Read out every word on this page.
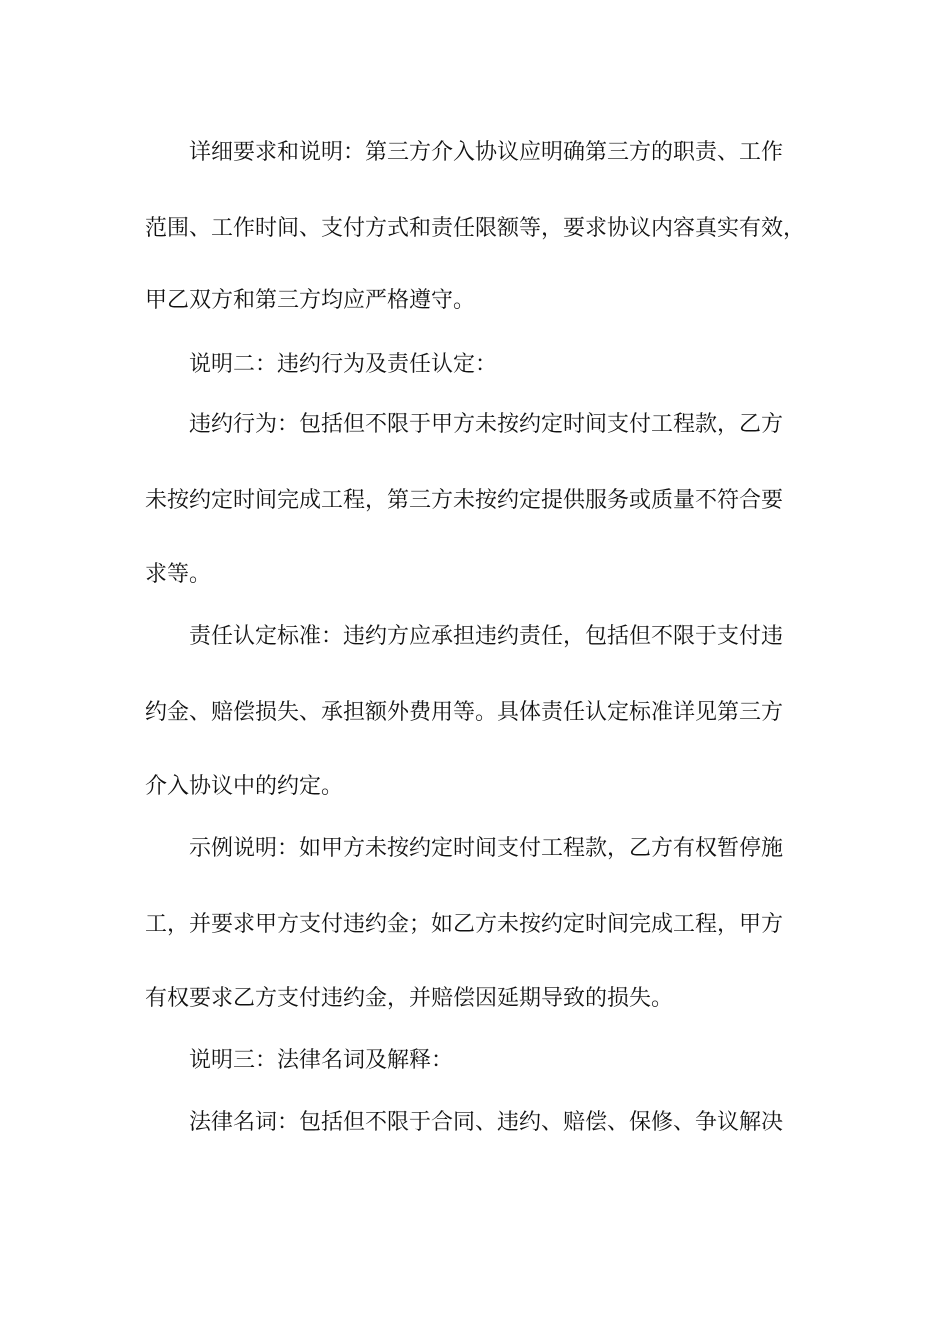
详细要求和说明：第三方介入协议应明确第三方的职责、工作
范围、工作时间、支付方式和责任限额等，要求协议内容真实有效，
甲乙双方和第三方均应严格遵守。
说明二：违约行为及责任认定：
违约行为：包括但不限于甲方未按约定时间支付工程款，乙方
未按约定时间完成工程，第三方未按约定提供服务或质量不符合要
求等。
责任认定标准：违约方应承担违约责任，包括但不限于支付违
约金、赔偿损失、承担额外费用等。具体责任认定标准详见第三方
介入协议中的约定。
示例说明：如甲方未按约定时间支付工程款，乙方有权暂停施
工，并要求甲方支付违约金；如乙方未按约定时间完成工程，甲方
有权要求乙方支付违约金，并赔偿因延期导致的损失。
说明三：法律名词及解释：
法律名词：包括但不限于合同、违约、赔偿、保修、争议解决
